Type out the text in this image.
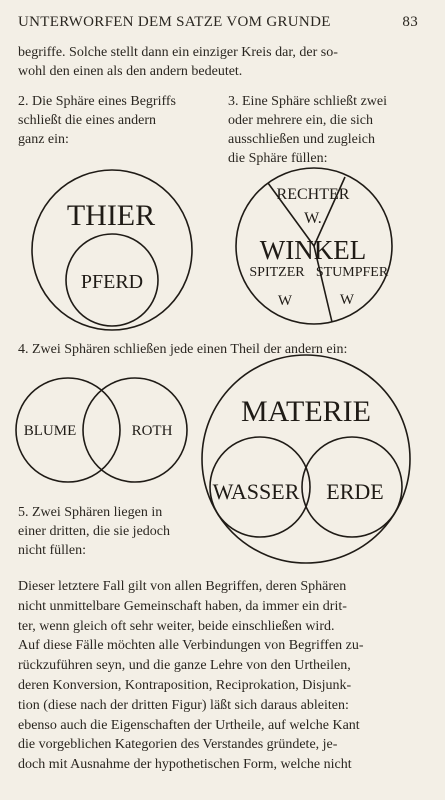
UNTERWORFEN DEM SATZE VOM GRUNDE	83
begriffe. Solche stellt dann ein einziger Kreis dar, der so-
wohl den einen als den andern bedeutet.
2. Die Sphäre eines Begriffs
schließt die eines andern
ganz ein:
3. Eine Sphäre schließt zwei
oder mehrere ein, die sich
ausschließen und zugleich
die Sphäre füllen:
4. Zwei Sphären schließen jede einen Theil der andern ein:
5. Zwei Sphären liegen in
einer dritten, die sie jedoch
nicht füllen:
THIER
PFERD
WINKEL
RECHTER
W.
SPITZER
W
STUMPFER
W
BLUME	ROTH
MATERIE
WASSER ERDE

Dieser letztere Fall gilt von allen Begriffen, deren Sphären

nicht unmittelbare Gemeinschaft haben, da immer ein drit-

ter, wenn gleich oft sehr weiter, beide einschließen wird.

Auf diese Fälle möchten alle Verbindungen von Begriffen zu-

rückzuführen seyn, und die ganze Lehre von den Urtheilen,

deren Konversion, Kontraposition, Reciprokation, Disjunk-

tion (diese nach der dritten Figur) läßt sich daraus ableiten:

ebenso auch die Eigenschaften der Urtheile, auf welche Kant

die vorgeblichen Kategorien des Verstandes gründete, je-

doch mit Ausnahme der hypothetischen Form, welche nicht
